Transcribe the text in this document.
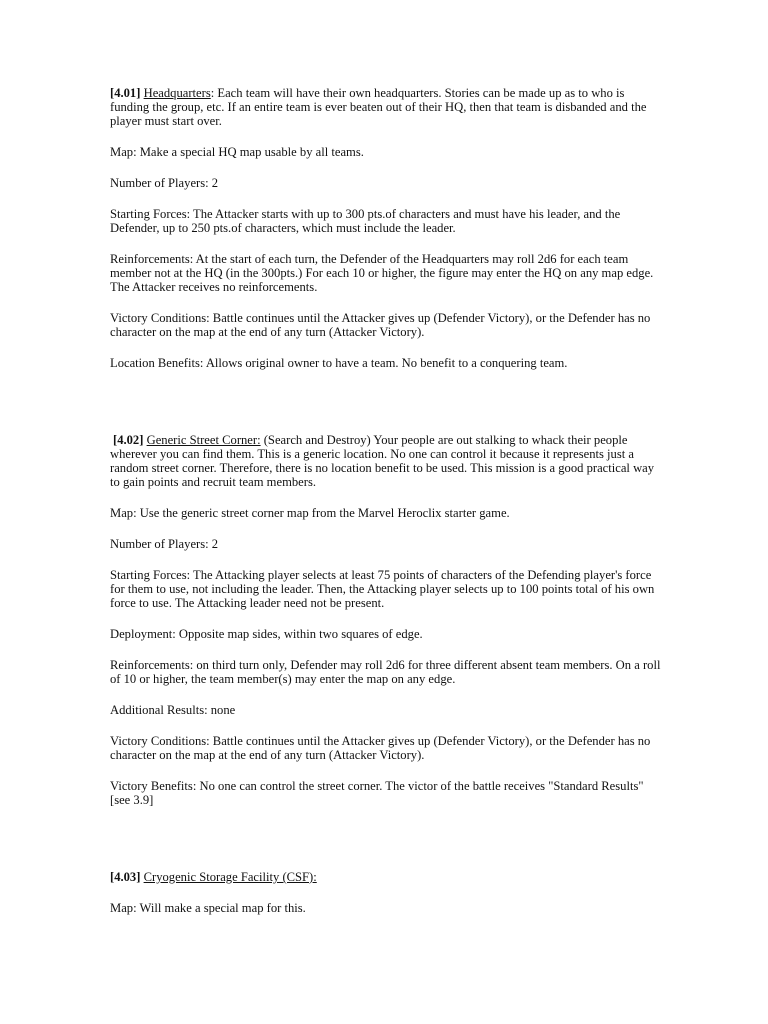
[4.01] Headquarters: Each team will have their own headquarters. Stories can be made up as to who is funding the group, etc. If an entire team is ever beaten out of their HQ, then that team is disbanded and the player must start over.

Map: Make a special HQ map usable by all teams.

Number of Players: 2

Starting Forces: The Attacker starts with up to 300 pts.of characters and must have his leader, and the Defender, up to 250 pts.of characters, which must include the leader.

Reinforcements: At the start of each turn, the Defender of the Headquarters may roll 2d6 for each team member not at the HQ (in the 300pts.) For each 10 or higher, the figure may enter the HQ on any map edge. The Attacker receives no reinforcements.

Victory Conditions: Battle continues until the Attacker gives up (Defender Victory), or the Defender has no character on the map at the end of any turn (Attacker Victory).

Location Benefits: Allows original owner to have a team. No benefit to a conquering team.

[4.02] Generic Street Corner: (Search and Destroy) Your people are out stalking to whack their people wherever you can find them. This is a generic location. No one can control it because it represents just a random street corner. Therefore, there is no location benefit to be used. This mission is a good practical way to gain points and recruit team members.

Map: Use the generic street corner map from the Marvel Heroclix starter game.

Number of Players: 2

Starting Forces: The Attacking player selects at least 75 points of characters of the Defending player's force for them to use, not including the leader. Then, the Attacking player selects up to 100 points total of his own force to use. The Attacking leader need not be present.

Deployment: Opposite map sides, within two squares of edge.

Reinforcements: on third turn only, Defender may roll 2d6 for three different absent team members. On a roll of 10 or higher, the team member(s) may enter the map on any edge.

Additional Results: none

Victory Conditions: Battle continues until the Attacker gives up (Defender Victory), or the Defender has no character on the map at the end of any turn (Attacker Victory).

Victory Benefits: No one can control the street corner. The victor of the battle receives "Standard Results"[see 3.9]

[4.03] Cryogenic Storage Facility (CSF):

Map: Will make a special map for this.
